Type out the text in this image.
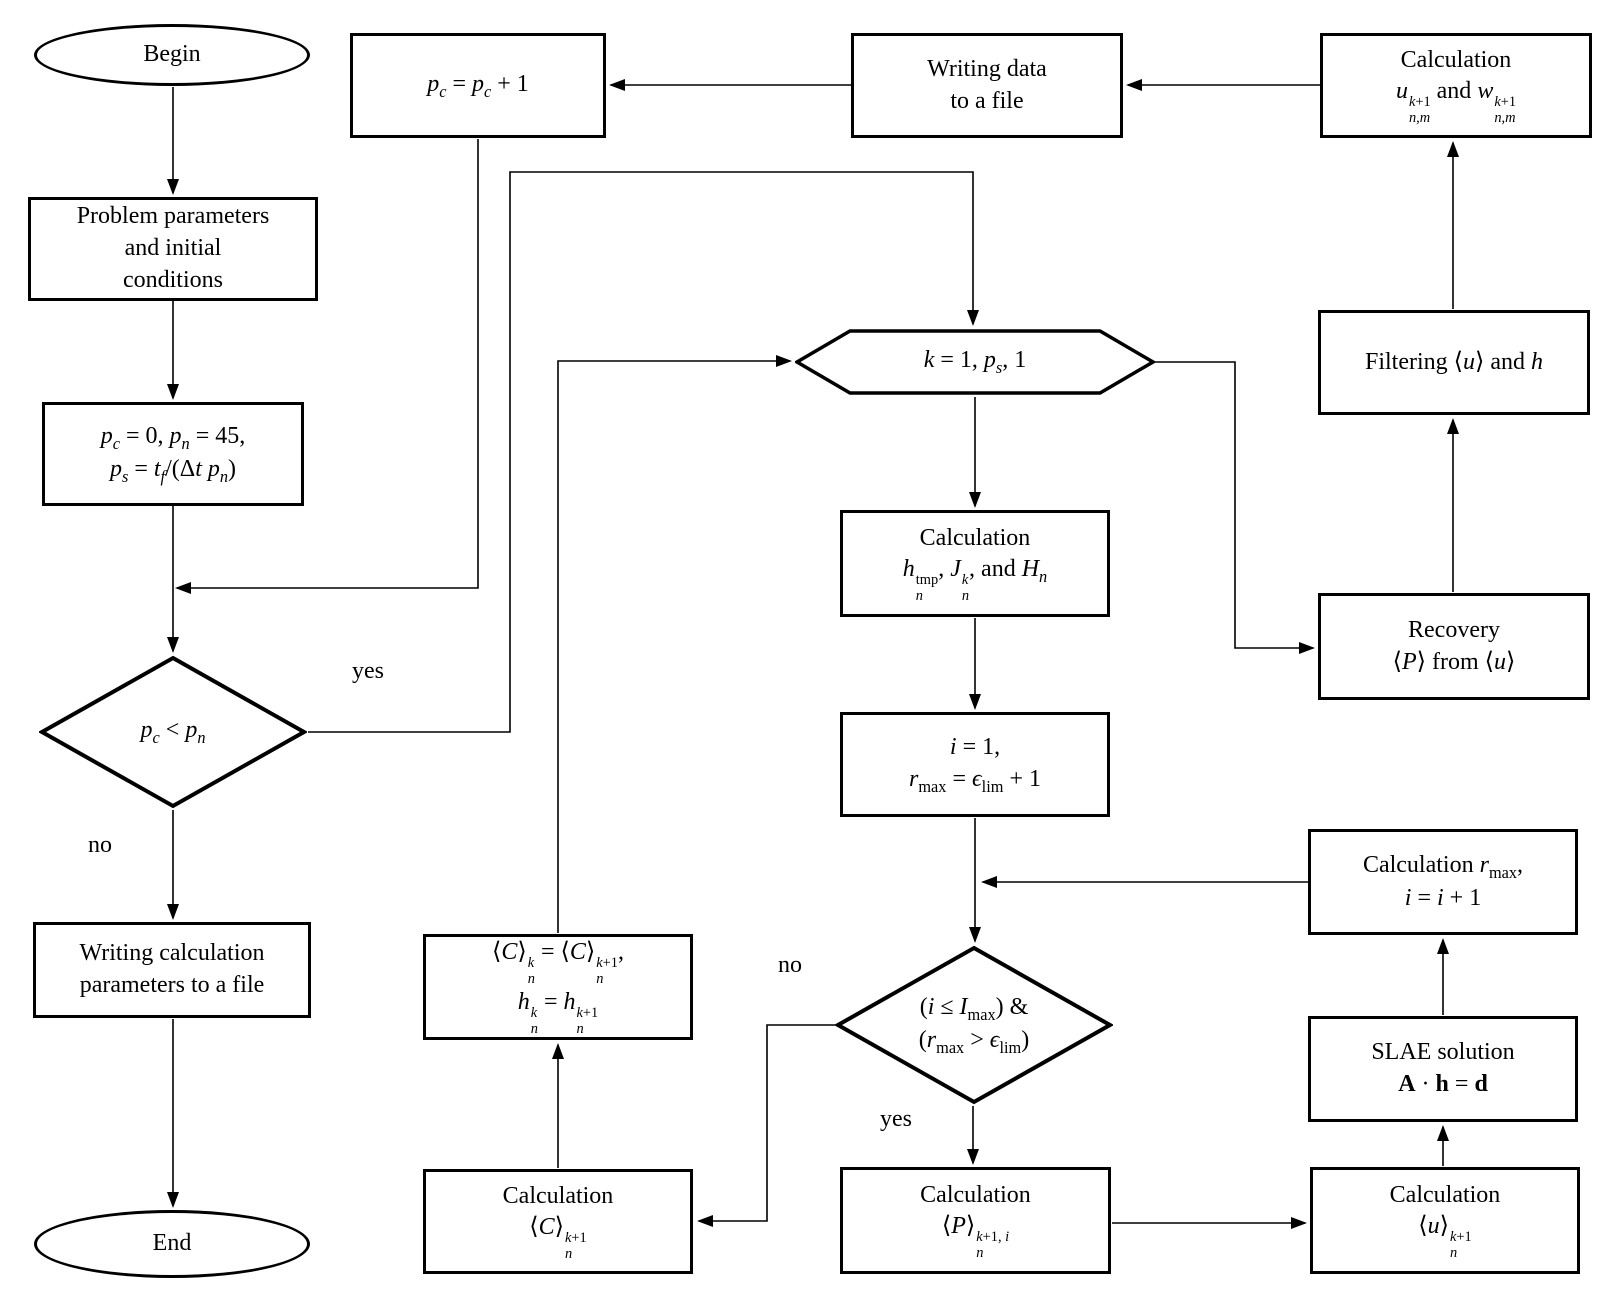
Begin
Problem parameters
and initial
conditions
$p_c = 0$, $p_n = 45$,
$p_s = t_f/(\Delta t$ $p_n$)
$p_c < p_n$
Writing calculation
parameters to a file
End
$p_c = p_c + 1$
Writing data
to a file
Calculation
u k+1
n,m
and w k+1
n,m
Filtering ⟨u⟩ and h
Recovery
⟨P⟩ from ⟨u⟩
k = 1, $p_s$, 1
Calculation
h tmp
n
, J k
n
, and $H_n$
i = 1,
$r_{max} = \epsilon_{lim} + 1$
$(i \le I_{max})$ &
$(r_{max} > \epsilon_{lim})$
Calculation $r_{max}$,
i = i + 1
SLAE solution
A · h = d
⟨C⟩ k
n
= ⟨C⟩ k+1
n
,
h k
n
= h k+1
n
Calculation
⟨C⟩ k+1
n
Calculation
⟨P⟩ k+1, i
n
Calculation
⟨u⟩ k+1
n
yes
no
no
yes
